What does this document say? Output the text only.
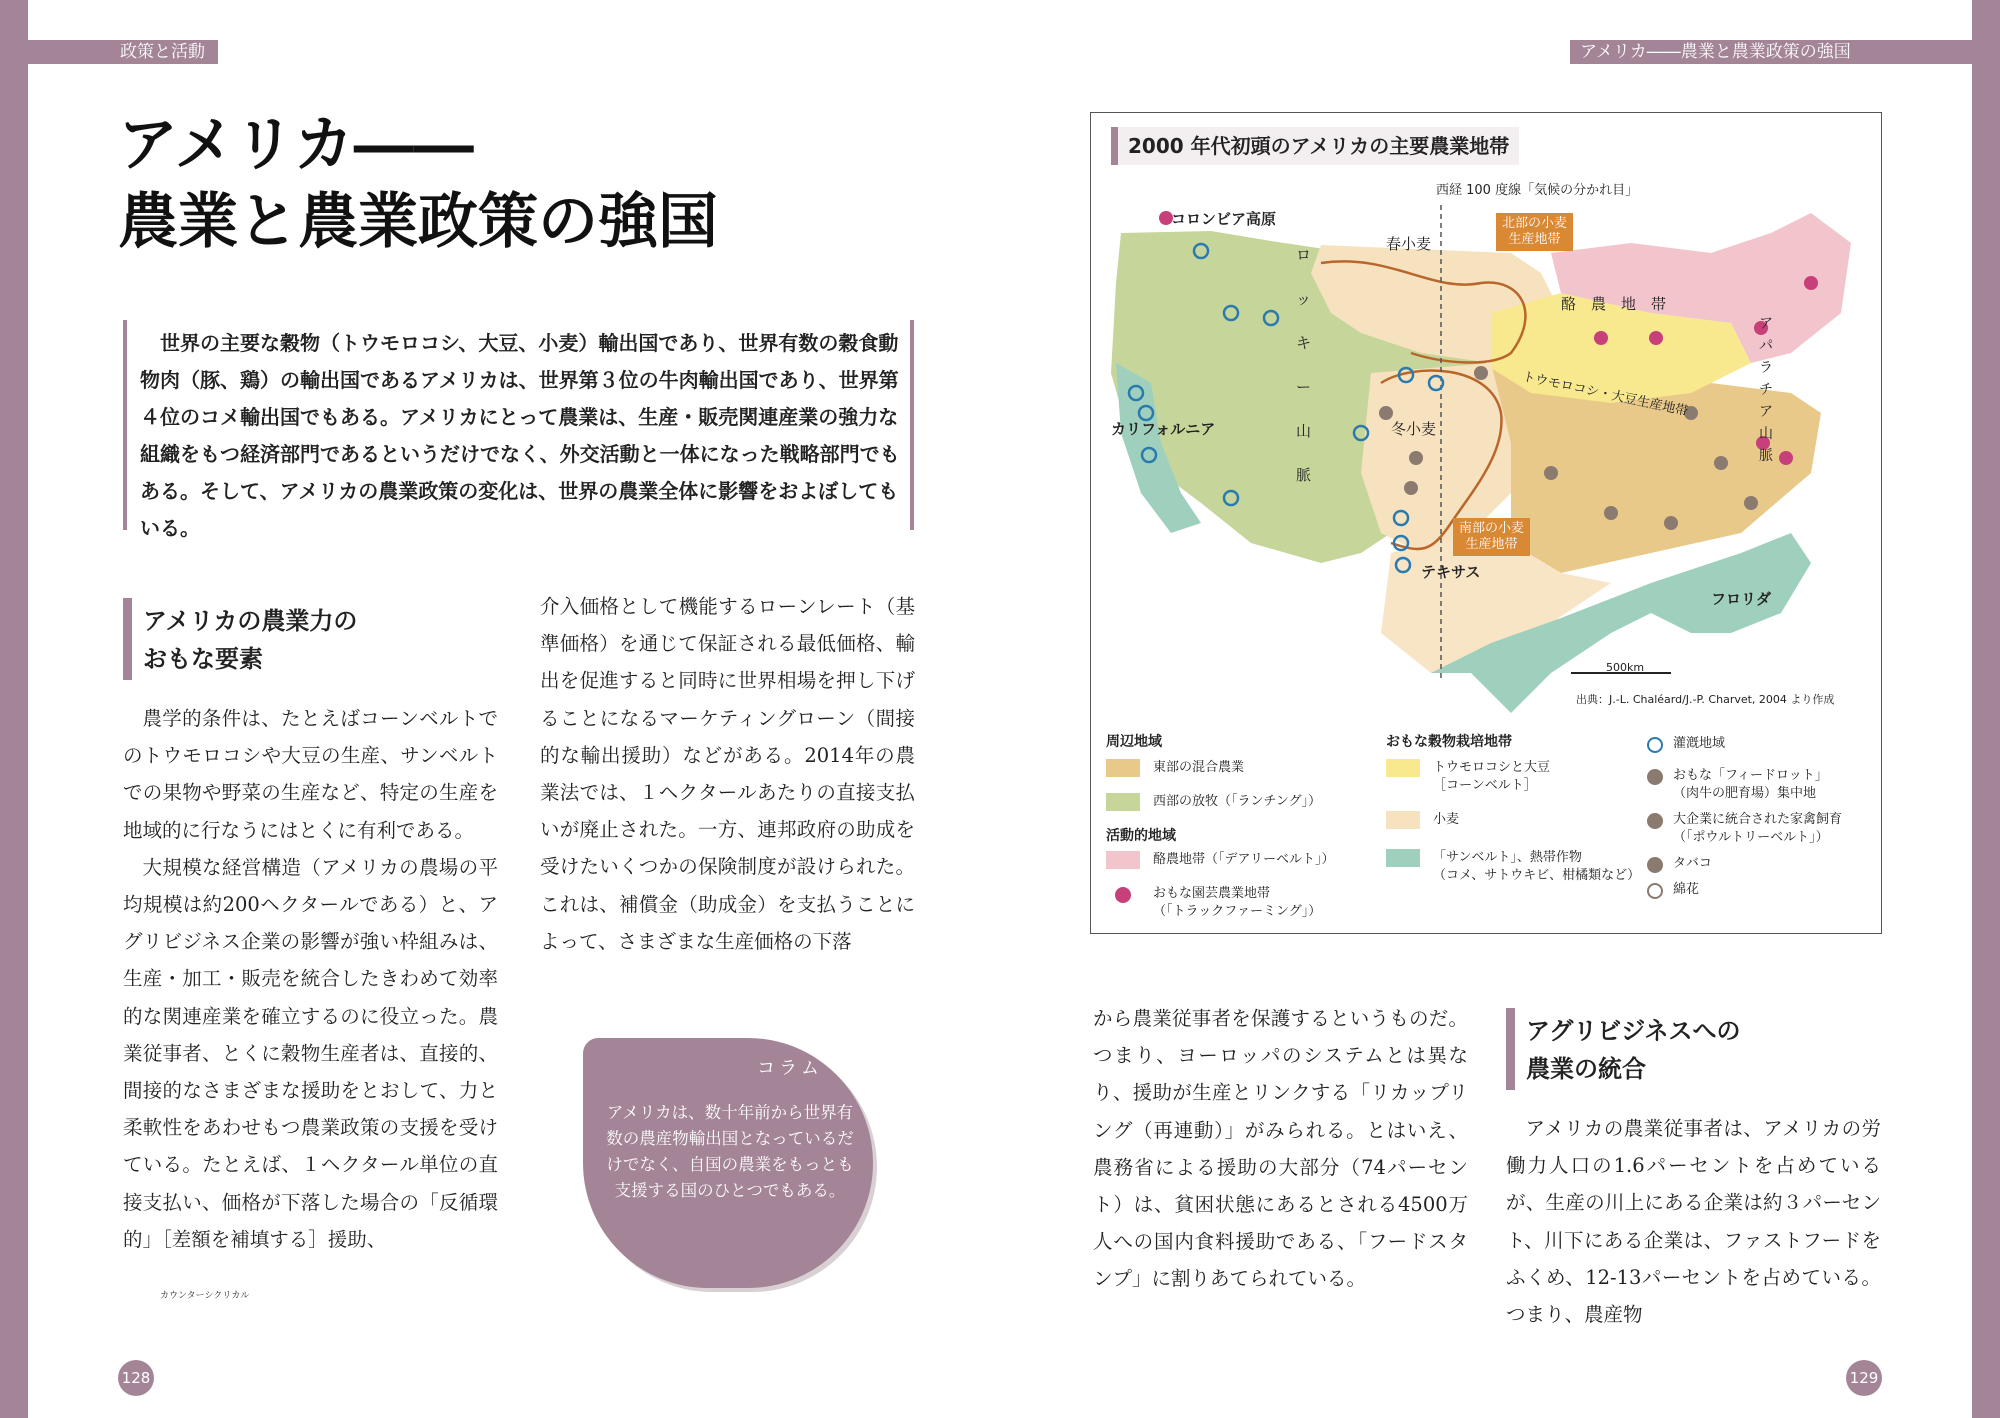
政策と活動	アメリカ――農業と農業政策の強国
アメリカ――
農業と農業政策の強国
世界の主要な穀物（トウモロコシ、大豆、小麦）輸出国であり、世界有数の穀食動物肉（豚、鶏）の輸出国であるアメリカは、世界第３位の牛肉輸出国であり、世界第４位のコメ輸出国でもある。アメリカにとって農業は、生産・販売関連産業の強力な組織をもつ経済部門であるというだけでなく、外交活動と一体になった戦略部門でもある。そして、アメリカの農業政策の変化は、世界の農業全体に影響をおよぼしてもいる。
アメリカの農業力の
おもな要素

農学的条件は、たとえばコーンベルトでのトウモロコシや大豆の生産、サンベルトでの果物や野菜の生産など、特定の生産を地域的に行なうにはとくに有利である。

大規模な経営構造（アメリカの農場の平均規模は約200ヘクタールである）と、アグリビジネス企業の影響が強い枠組みは、生産・加工・販売を統合したきわめて効率的な関連産業を確立するのに役立った。農業従事者、とくに穀物生産者は、直接的、間接的なさまざまな援助をとおして、力と柔軟性をあわせもつ農業政策の支援を受けている。たとえば、１ヘクタール単位の直接支払い、価格が下落した場合の「反循環的」［差額を補填する］援助、

カウンターシクリカル

介入価格として機能するローンレート（基準価格）を通じて保証される最低価格、輸出を促進すると同時に世界相場を押し下げることになるマーケティングローン（間接的な輸出援助）などがある。2014年の農業法では、１ヘクタールあたりの直接支払いが廃止された。一方、連邦政府の助成を受けたいくつかの保険制度が設けられた。これは、補償金（助成金）を支払うことによって、さまざまな生産価格の下落

コラム
アメリカは、数十年前から世界有数の農産物輸出国となっているだけでなく、自国の農業をもっとも支援する国のひとつでもある。
128	129
2000 年代初頭のアメリカの主要農業地帯
西経 100 度線「気候の分かれ目」
コロンビア高原
春小麦
冬小麦
酪　農　地　帯
トウモロコシ・大豆生産地帯
カリフォルニア
テキサス
フロリダ
ロ
ッ
キ
ー
山
脈
ア
パ
ラ
チ
ア
山
脈
北部の小麦
生産地帯
南部の小麦
生産地帯
500km
出典：J.-L. Chaléard/J.-P. Charvet, 2004 より作成
周辺地域
東部の混合農業
西部の放牧（「ランチング」）
活動的地域
酪農地帯（「デアリーベルト」）
おもな園芸農業地帯
（「トラックファーミング」）
おもな穀物栽培地帯
トウモロコシと大豆
［コーンベルト］
小麦
「サンベルト」、熱帯作物
（コメ、サトウキビ、柑橘類など）
灌漑地域
おもな「フィードロット」
（肉牛の肥育場）集中地
大企業に統合された家禽飼育
（「ポウルトリーベルト」）
タバコ
綿花

から農業従事者を保護するというものだ。つまり、ヨーロッパのシステムとは異なり、援助が生産とリンクする「リカップリング（再連動）」がみられる。とはいえ、農務省による援助の大部分（74パーセント）は、貧困状態にあるとされる4500万人への国内食料援助である、「フードスタンプ」に割りあてられている。

アグリビジネスへの
農業の統合

アメリカの農業従事者は、アメリカの労働力人口の1.6パーセントを占めているが、生産の川上にある企業は約３パーセント、川下にある企業は、ファストフードをふくめ、12-13パーセントを占めている。つまり、農産物
